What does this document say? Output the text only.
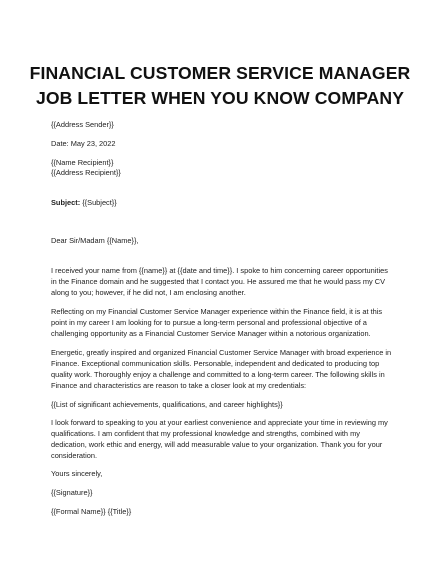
FINANCIAL CUSTOMER SERVICE MANAGER
JOB LETTER WHEN YOU KNOW COMPANY
{{Address Sender}}
Date: May 23, 2022
{{Name Recipient}}
{{Address Recipient}}
Subject: {{Subject}}
Dear Sir/Madam {{Name}},
I received your name from {{name}} at {{date and time}}. I spoke to him concerning career opportunities
in the Finance domain and he suggested that I contact you. He assured me that he would pass my CV
along to you; however, if he did not, I am enclosing another.
Reflecting on my Financial Customer Service Manager experience within the Finance field, it is at this
point in my career I am looking for to pursue a long-term personal and professional objective of a
challenging opportunity as a Financial Customer Service Manager within a notorious organization.
Energetic, greatly inspired and organized Financial Customer Service Manager with broad experience in
Finance. Exceptional communication skills. Personable, independent and dedicated to producing top
quality work. Thoroughly enjoy a challenge and committed to a long-term career. The following skills in
Finance and characteristics are reason to take a closer look at my credentials:
{{List of significant achievements, qualifications, and career highlights}}
I look forward to speaking to you at your earliest convenience and appreciate your time in reviewing my
qualifications. I am confident that my professional knowledge and strengths, combined with my
dedication, work ethic and energy, will add measurable value to your organization. Thank you for your
consideration.
Yours sincerely,
{{Signature}}
{{Formal Name}} {{Title}}
